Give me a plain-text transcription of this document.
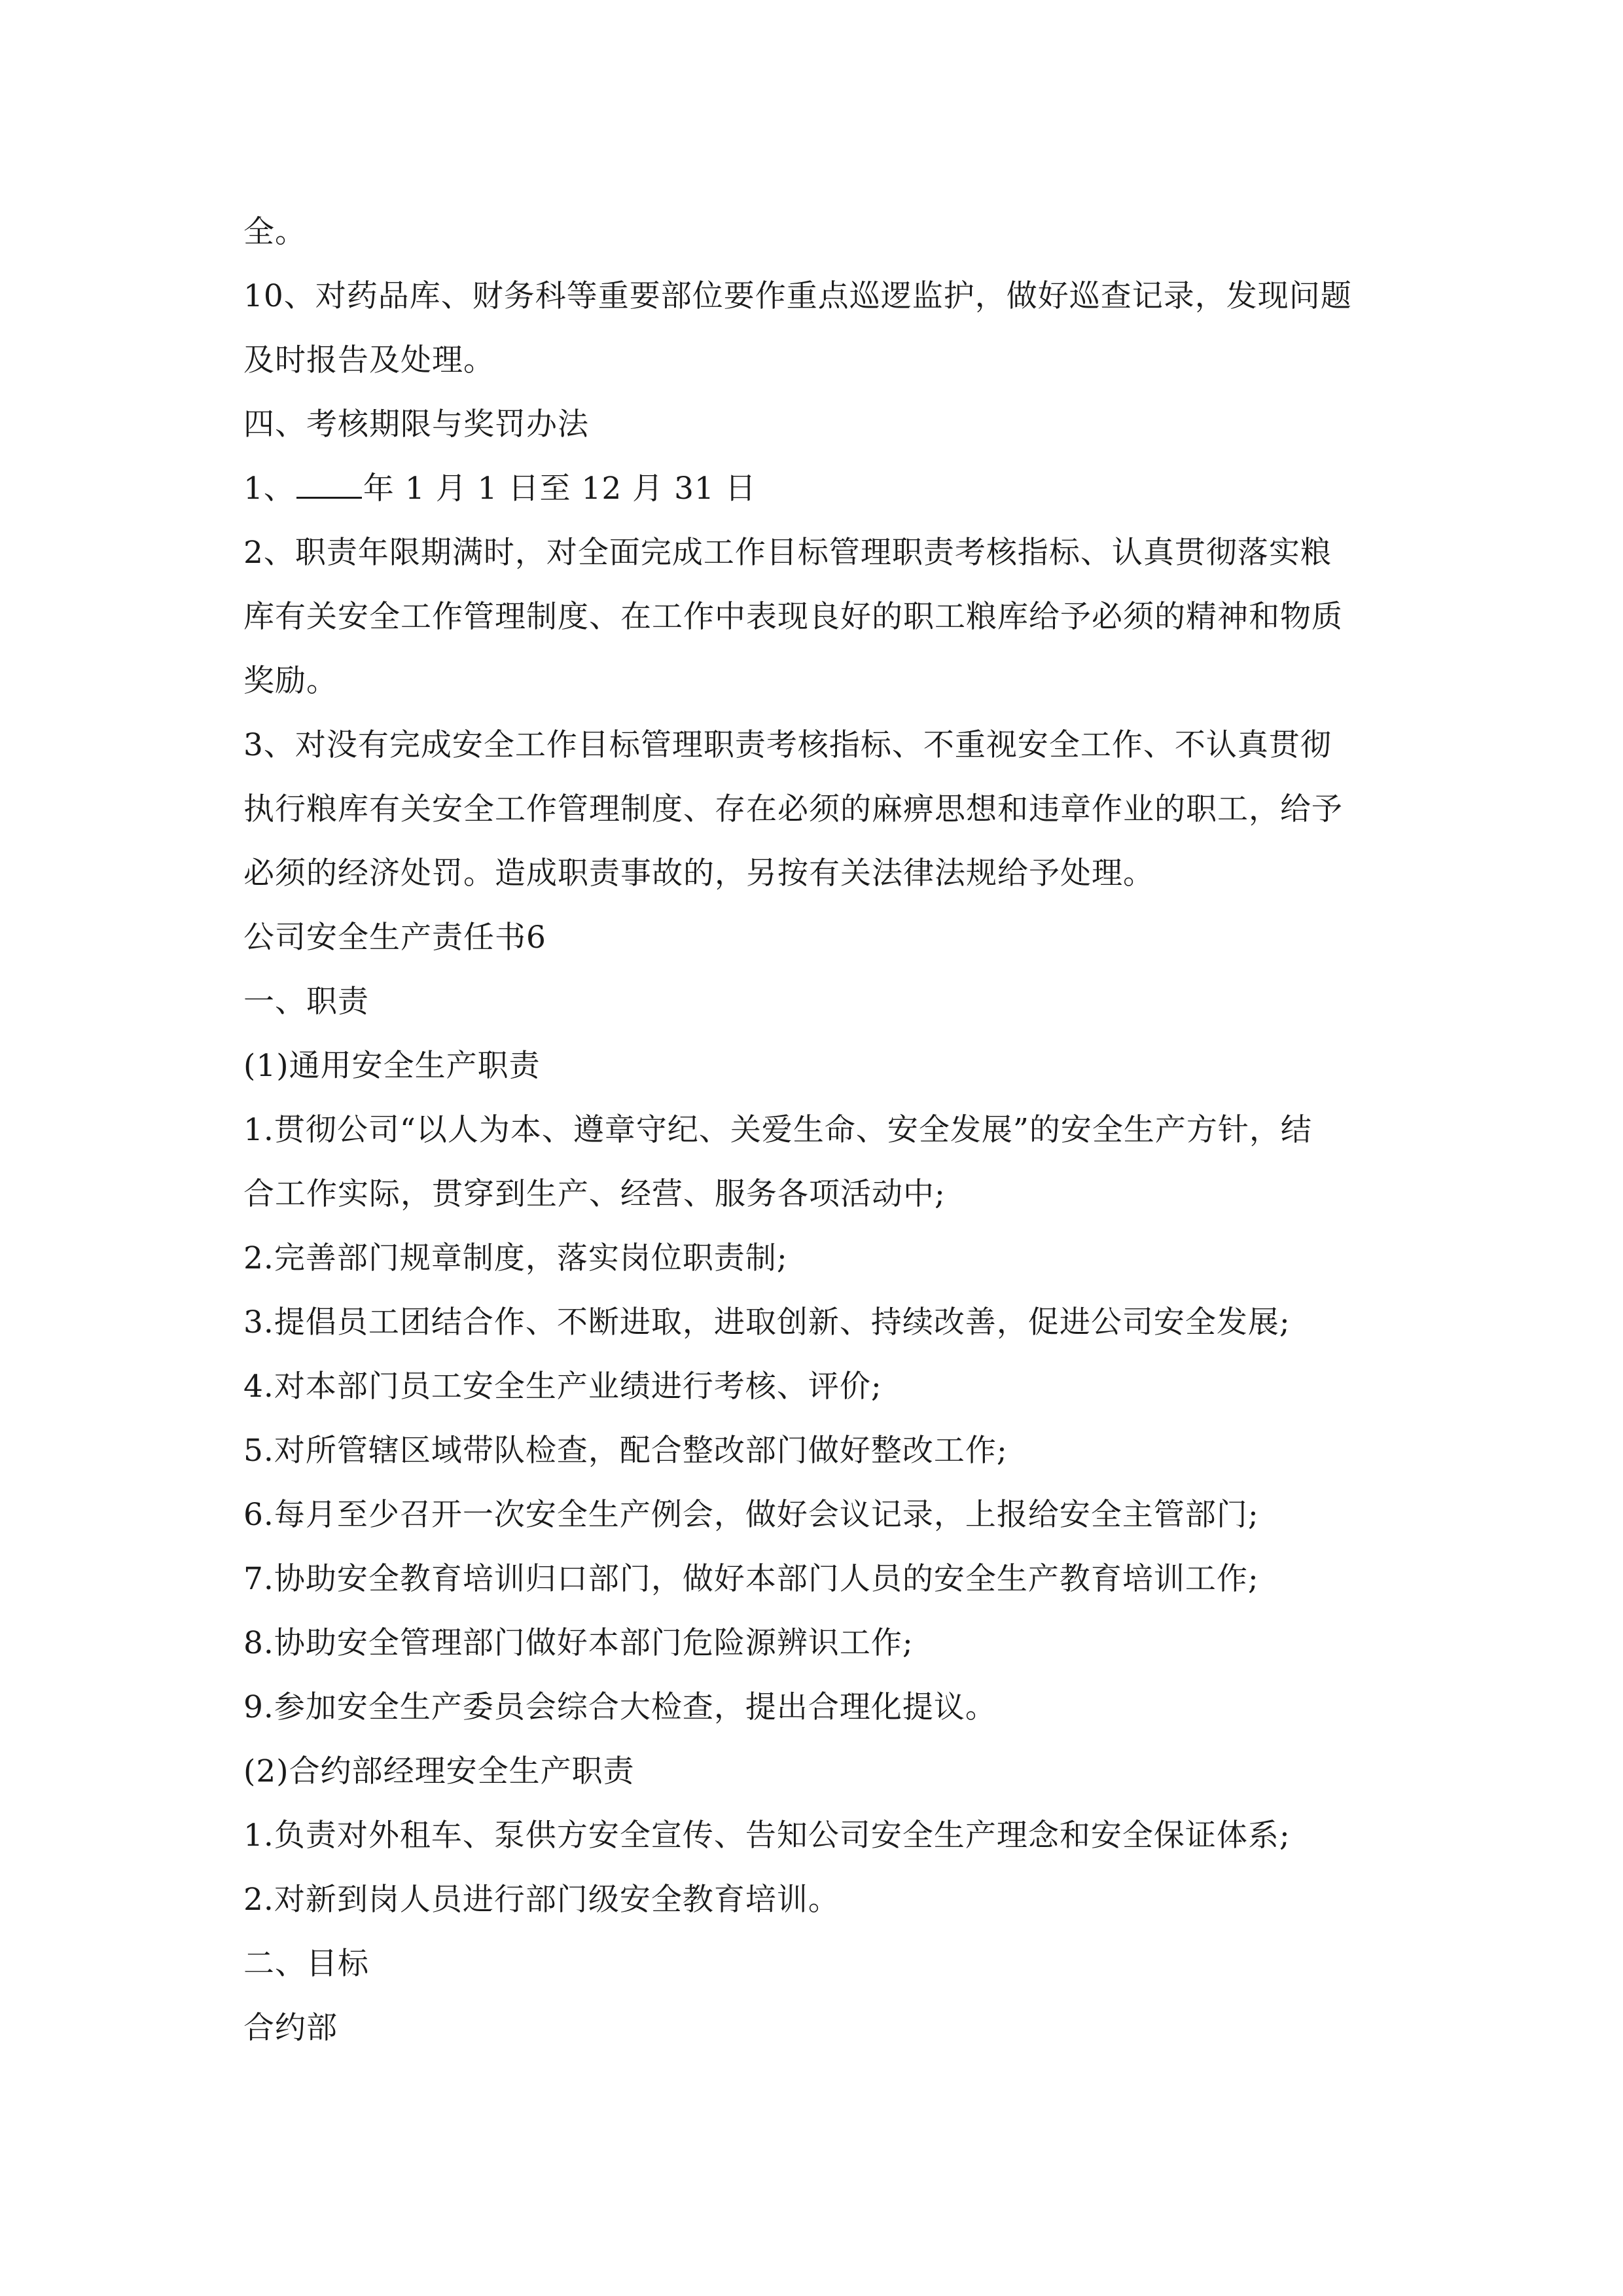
全。
10、对药品库、财务科等重要部位要作重点巡逻监护，做好巡查记录，发现问题
及时报告及处理。
四、考核期限与奖罚办法
1、 年 1 月 1 日至 12 月 31 日
2、职责年限期满时，对全面完成工作目标管理职责考核指标、认真贯彻落实粮
库有关安全工作管理制度、在工作中表现良好的职工粮库给予必须的精神和物质
奖励。
3、对没有完成安全工作目标管理职责考核指标、不重视安全工作、不认真贯彻
执行粮库有关安全工作管理制度、存在必须的麻痹思想和违章作业的职工，给予
必须的经济处罚。造成职责事故的，另按有关法律法规给予处理。
公司安全生产责任书6
一、职责
(1)通用安全生产职责
1.贯彻公司“以人为本、遵章守纪、关爱生命、安全发展”的安全生产方针，结
合工作实际，贯穿到生产、经营、服务各项活动中;
2.完善部门规章制度，落实岗位职责制;
3.提倡员工团结合作、不断进取，进取创新、持续改善，促进公司安全发展;
4.对本部门员工安全生产业绩进行考核、评价;
5.对所管辖区域带队检查，配合整改部门做好整改工作;
6.每月至少召开一次安全生产例会，做好会议记录，上报给安全主管部门;
7.协助安全教育培训归口部门，做好本部门人员的安全生产教育培训工作;
8.协助安全管理部门做好本部门危险源辨识工作;
9.参加安全生产委员会综合大检查，提出合理化提议。
(2)合约部经理安全生产职责
1.负责对外租车、泵供方安全宣传、告知公司安全生产理念和安全保证体系;
2.对新到岗人员进行部门级安全教育培训。
二、目标
合约部
